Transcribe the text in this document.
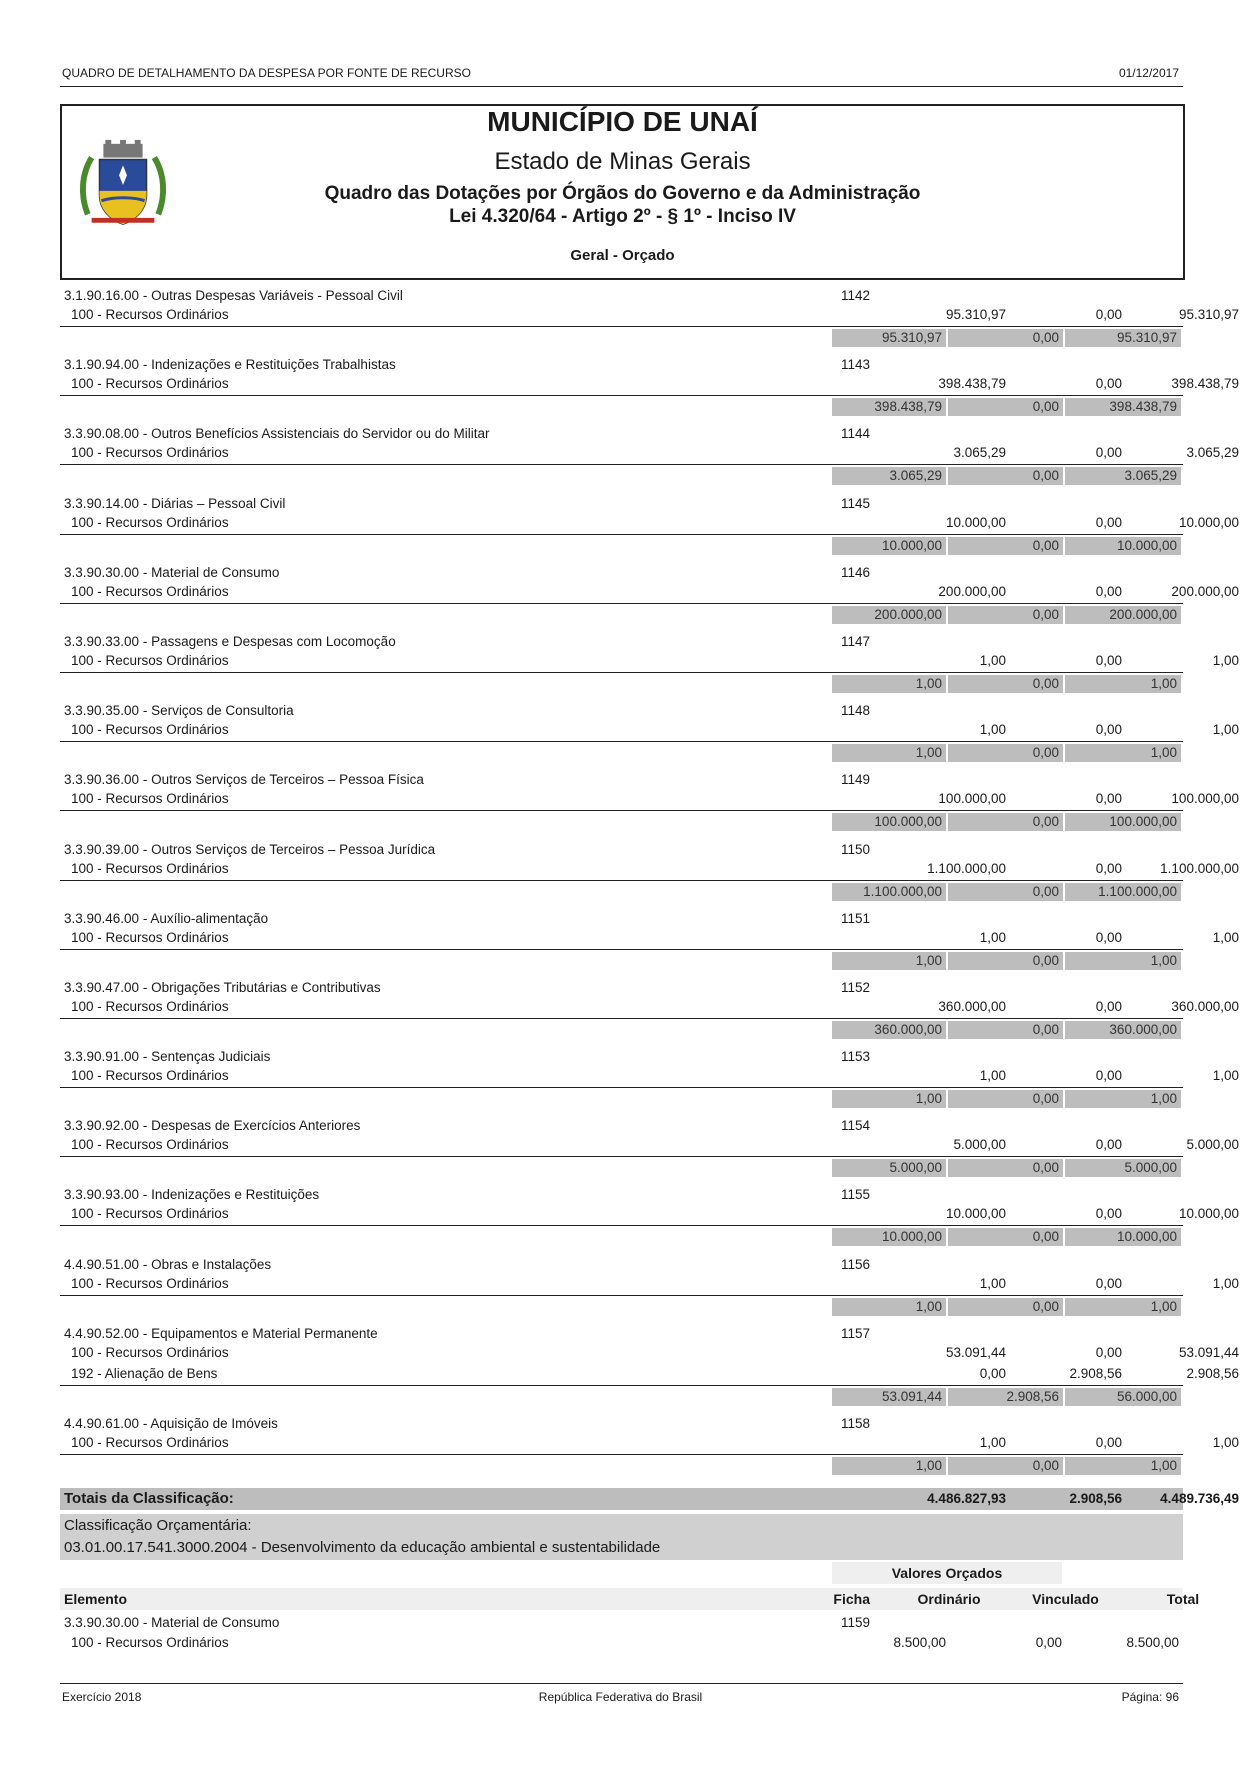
QUADRO DE DETALHAMENTO DA DESPESA POR FONTE DE RECURSO	01/12/2017
MUNICÍPIO DE UNAÍ
Estado de Minas Gerais
Quadro das Dotações por Órgãos do Governo e da Administração
Lei 4.320/64 - Artigo 2º - § 1º - Inciso IV
Geral - Orçado
3.1.90.16.00 - Outras Despesas Variáveis - Pessoal Civil	1142
100 - Recursos Ordinários	95.310,97	0,00	95.310,97
95.310,97	0,00	95.310,97
3.1.90.94.00 - Indenizações e Restituições Trabalhistas	1143
100 - Recursos Ordinários	398.438,79	0,00	398.438,79
398.438,79	0,00	398.438,79
3.3.90.08.00 - Outros Benefícios Assistenciais do Servidor ou do Militar	1144
100 - Recursos Ordinários	3.065,29	0,00	3.065,29
3.065,29	0,00	3.065,29
3.3.90.14.00 - Diárias – Pessoal Civil	1145
100 - Recursos Ordinários	10.000,00	0,00	10.000,00
10.000,00	0,00	10.000,00
3.3.90.30.00 - Material de Consumo	1146
100 - Recursos Ordinários	200.000,00	0,00	200.000,00
200.000,00	0,00	200.000,00
3.3.90.33.00 - Passagens e Despesas com Locomoção	1147
100 - Recursos Ordinários	1,00	0,00	1,00
1,00	0,00	1,00
3.3.90.35.00 - Serviços de Consultoria	1148
100 - Recursos Ordinários	1,00	0,00	1,00
1,00	0,00	1,00
3.3.90.36.00 - Outros Serviços de Terceiros – Pessoa Física	1149
100 - Recursos Ordinários	100.000,00	0,00	100.000,00
100.000,00	0,00	100.000,00
3.3.90.39.00 - Outros Serviços de Terceiros – Pessoa Jurídica	1150
100 - Recursos Ordinários	1.100.000,00	0,00	1.100.000,00
1.100.000,00	0,00	1.100.000,00
3.3.90.46.00 - Auxílio-alimentação	1151
100 - Recursos Ordinários	1,00	0,00	1,00
1,00	0,00	1,00
3.3.90.47.00 - Obrigações Tributárias e Contributivas	1152
100 - Recursos Ordinários	360.000,00	0,00	360.000,00
360.000,00	0,00	360.000,00
3.3.90.91.00 - Sentenças Judiciais	1153
100 - Recursos Ordinários	1,00	0,00	1,00
1,00	0,00	1,00
3.3.90.92.00 - Despesas de Exercícios Anteriores	1154
100 - Recursos Ordinários	5.000,00	0,00	5.000,00
5.000,00	0,00	5.000,00
3.3.90.93.00 - Indenizações e Restituições	1155
100 - Recursos Ordinários	10.000,00	0,00	10.000,00
10.000,00	0,00	10.000,00
4.4.90.51.00 - Obras e Instalações	1156
100 - Recursos Ordinários	1,00	0,00	1,00
1,00	0,00	1,00
4.4.90.52.00 - Equipamentos e Material Permanente	1157
100 - Recursos Ordinários	53.091,44	0,00	53.091,44
192 - Alienação de Bens	0,00	2.908,56	2.908,56
53.091,44	2.908,56	56.000,00
4.4.90.61.00 - Aquisição de Imóveis	1158
100 - Recursos Ordinários	1,00	0,00	1,00
1,00	0,00	1,00
Totais da Classificação:	4.486.827,93	2.908,56	4.489.736,49
Classificação Orçamentária:
03.01.00.17.541.3000.2004 - Desenvolvimento da educação ambiental e sustentabilidade
Valores Orçados
Elemento	Ficha	Ordinário	Vinculado	Total
3.3.90.30.00 - Material de Consumo	1159
100 - Recursos Ordinários	8.500,00	0,00	8.500,00
Exercício 2018	República Federativa do Brasil	Página: 96
